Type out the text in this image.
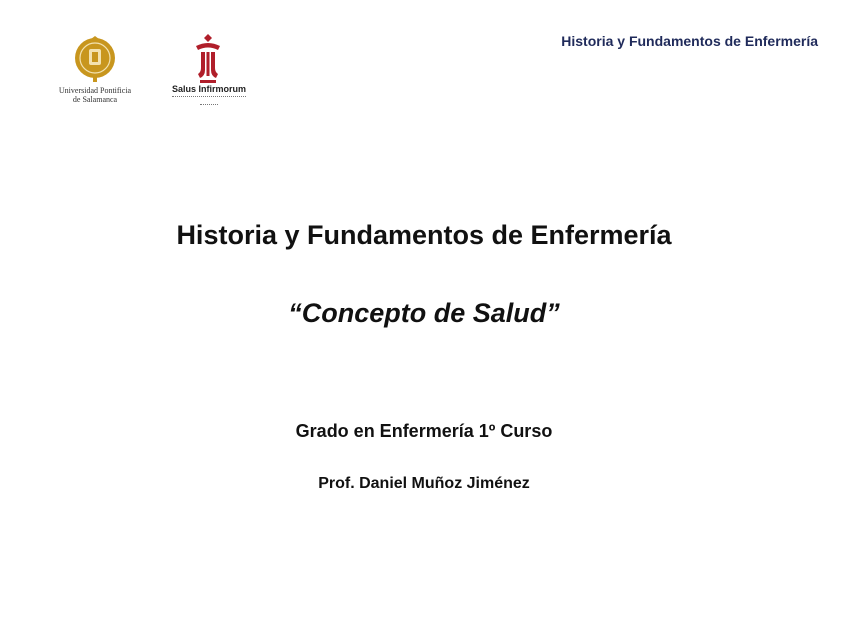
Historia y Fundamentos de Enfermería
Universidad Pontificia
de Salamanca
Salus Infirmorum
Historia y Fundamentos de Enfermería
“Concepto de Salud”
Grado en Enfermería 1º Curso
Prof. Daniel Muñoz Jiménez
